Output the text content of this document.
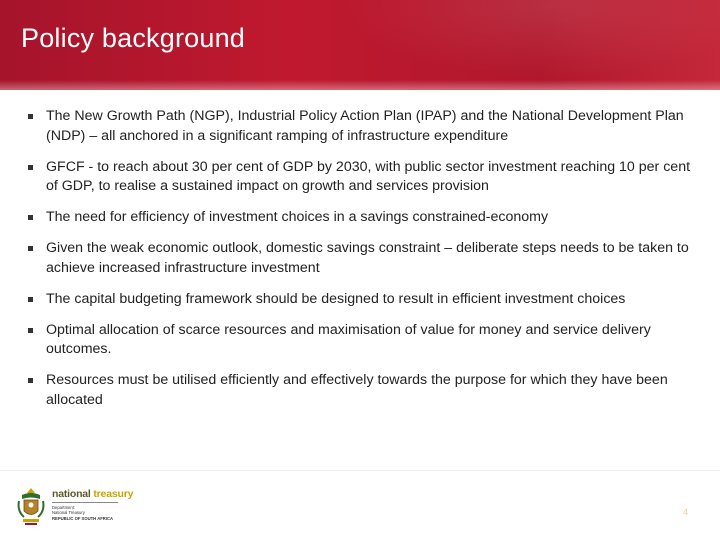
Policy background
The New Growth Path (NGP), Industrial Policy Action Plan (IPAP) and the National Development Plan (NDP) – all anchored in a significant ramping of infrastructure expenditure
GFCF - to reach about 30 per cent of GDP by 2030, with public sector investment reaching 10 per cent of GDP, to realise a sustained impact on growth and services provision
The need for efficiency of investment choices in a savings constrained-economy
Given the weak economic outlook, domestic savings constraint – deliberate steps needs to be taken to achieve increased infrastructure investment
The capital budgeting framework should be designed to result in efficient investment choices
Optimal allocation of scarce resources and maximisation of value for money and service delivery outcomes.
Resources must be utilised efficiently and effectively towards the purpose for which they have been allocated
national treasury
Department:
National Treasury
REPUBLIC OF SOUTH AFRICA
4
